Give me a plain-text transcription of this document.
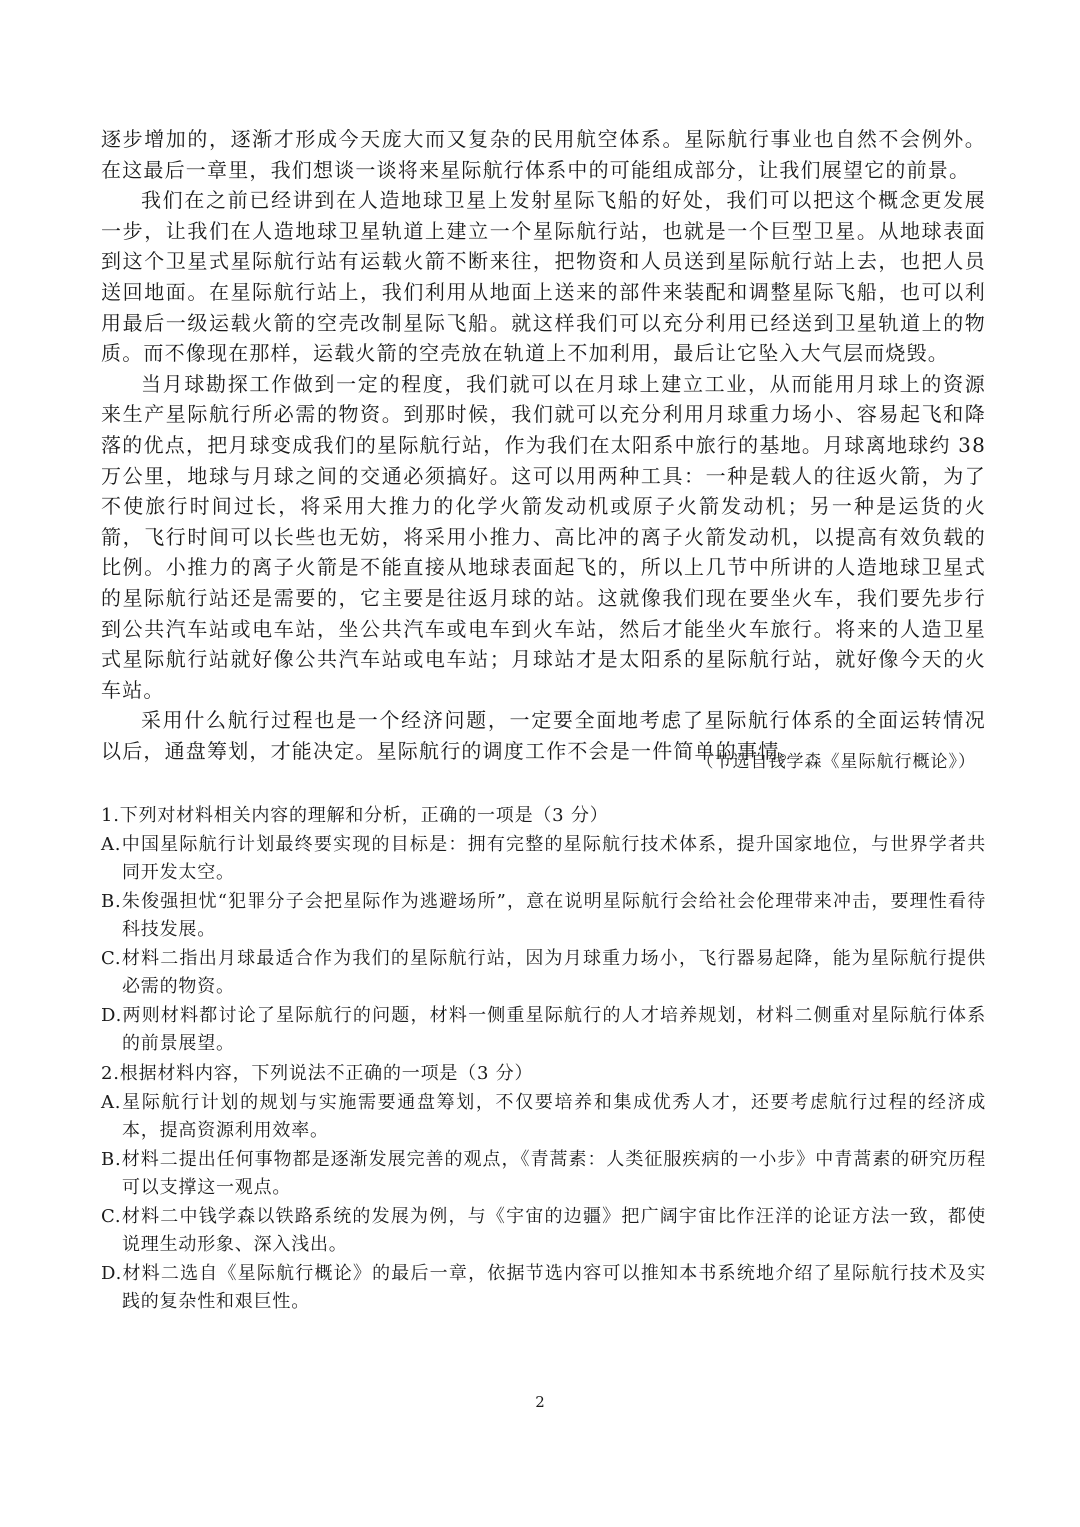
逐步增加的，逐渐才形成今天庞大而又复杂的民用航空体系。星际航行事业也自然不会例外。在这最后一章里，我们想谈一谈将来星际航行体系中的可能组成部分，让我们展望它的前景。

我们在之前已经讲到在人造地球卫星上发射星际飞船的好处，我们可以把这个概念更发展一步，让我们在人造地球卫星轨道上建立一个星际航行站，也就是一个巨型卫星。从地球表面到这个卫星式星际航行站有运载火箭不断来往，把物资和人员送到星际航行站上去，也把人员送回地面。在星际航行站上，我们利用从地面上送来的部件来装配和调整星际飞船，也可以利用最后一级运载火箭的空壳改制星际飞船。就这样我们可以充分利用已经送到卫星轨道上的物质。而不像现在那样，运载火箭的空壳放在轨道上不加利用，最后让它坠入大气层而烧毁。

当月球勘探工作做到一定的程度，我们就可以在月球上建立工业，从而能用月球上的资源来生产星际航行所必需的物资。到那时候，我们就可以充分利用月球重力场小、容易起飞和降落的优点，把月球变成我们的星际航行站，作为我们在太阳系中旅行的基地。月球离地球约 38 万公里，地球与月球之间的交通必须搞好。这可以用两种工具：一种是载人的往返火箭，为了不使旅行时间过长，将采用大推力的化学火箭发动机或原子火箭发动机；另一种是运货的火箭，飞行时间可以长些也无妨，将采用小推力、高比冲的离子火箭发动机，以提高有效负载的比例。小推力的离子火箭是不能直接从地球表面起飞的，所以上几节中所讲的人造地球卫星式的星际航行站还是需要的，它主要是往返月球的站。这就像我们现在要坐火车，我们要先步行到公共汽车站或电车站，坐公共汽车或电车到火车站，然后才能坐火车旅行。将来的人造卫星式星际航行站就好像公共汽车站或电车站；月球站才是太阳系的星际航行站，就好像今天的火车站。

采用什么航行过程也是一个经济问题，一定要全面地考虑了星际航行体系的全面运转情况以后，通盘筹划，才能决定。星际航行的调度工作不会是一件简单的事情。

（节选自钱学森《星际航行概论》）

1.下列对材料相关内容的理解和分析，正确的一项是（3 分）

A.中国星际航行计划最终要实现的目标是：拥有完整的星际航行技术体系，提升国家地位，与世界学者共同开发太空。

B.朱俊强担忧“犯罪分子会把星际作为逃避场所”，意在说明星际航行会给社会伦理带来冲击，要理性看待科技发展。

C.材料二指出月球最适合作为我们的星际航行站，因为月球重力场小，飞行器易起降，能为星际航行提供必需的物资。

D.两则材料都讨论了星际航行的问题，材料一侧重星际航行的人才培养规划，材料二侧重对星际航行体系的前景展望。

2.根据材料内容，下列说法不正确的一项是（3 分）

A.星际航行计划的规划与实施需要通盘筹划，不仅要培养和集成优秀人才，还要考虑航行过程的经济成本，提高资源利用效率。

B.材料二提出任何事物都是逐渐发展完善的观点，《青蒿素：人类征服疾病的一小步》中青蒿素的研究历程可以支撑这一观点。

C.材料二中钱学森以铁路系统的发展为例，与《宇宙的边疆》把广阔宇宙比作汪洋的论证方法一致，都使说理生动形象、深入浅出。

D.材料二选自《星际航行概论》的最后一章，依据节选内容可以推知本书系统地介绍了星际航行技术及实践的复杂性和艰巨性。

2
